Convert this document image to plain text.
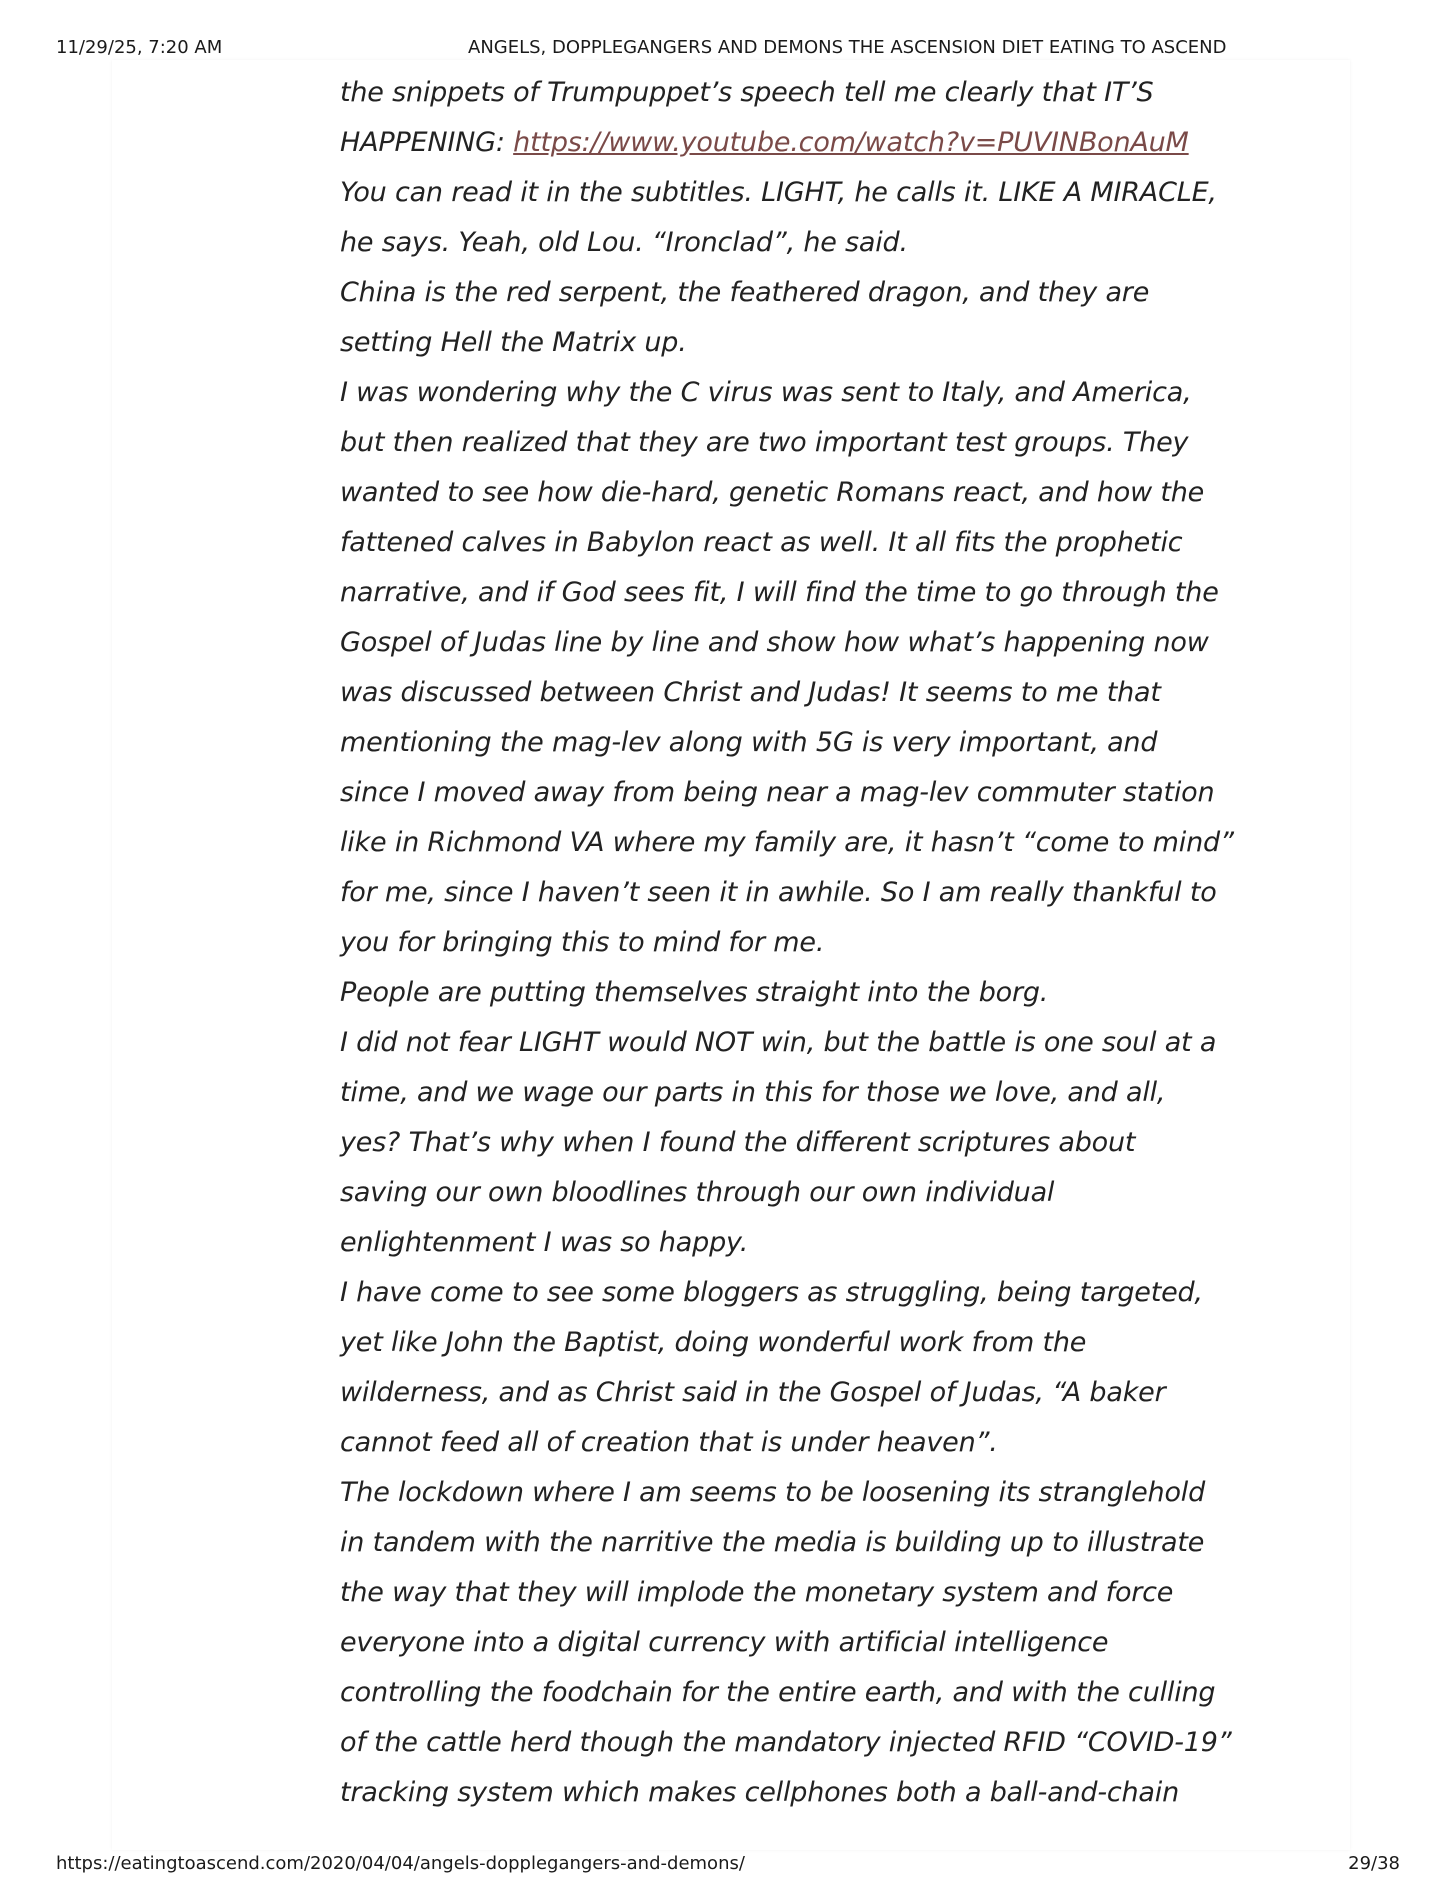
11/29/25, 7:20 AM	ANGELS, DOPPLEGANGERS AND DEMONS THE ASCENSION DIET EATING TO ASCEND
the snippets of Trumpuppet’s speech tell me clearly that IT’S
HAPPENING: https://www.youtube.com/watch?v=PUVINBonAuM
You can read it in the subtitles. LIGHT, he calls it. LIKE A MIRACLE,
he says. Yeah, old Lou. “Ironclad”, he said.
China is the red serpent, the feathered dragon, and they are
setting Hell the Matrix up.
I was wondering why the C virus was sent to Italy, and America,
but then realized that they are two important test groups. They
wanted to see how die-hard, genetic Romans react, and how the
fattened calves in Babylon react as well. It all fits the prophetic
narrative, and if God sees fit, I will find the time to go through the
Gospel of Judas line by line and show how what’s happening now
was discussed between Christ and Judas! It seems to me that
mentioning the mag-lev along with 5G is very important, and
since I moved away from being near a mag-lev commuter station
like in Richmond VA where my family are, it hasn’t “come to mind”
for me, since I haven’t seen it in awhile. So I am really thankful to
you for bringing this to mind for me.
People are putting themselves straight into the borg.
I did not fear LIGHT would NOT win, but the battle is one soul at a
time, and we wage our parts in this for those we love, and all,
yes? That’s why when I found the different scriptures about
saving our own bloodlines through our own individual
enlightenment I was so happy.
I have come to see some bloggers as struggling, being targeted,
yet like John the Baptist, doing wonderful work from the
wilderness, and as Christ said in the Gospel of Judas, “A baker
cannot feed all of creation that is under heaven”.
The lockdown where I am seems to be loosening its stranglehold
in tandem with the narritive the media is building up to illustrate
the way that they will implode the monetary system and force
everyone into a digital currency with artificial intelligence
controlling the foodchain for the entire earth, and with the culling
of the cattle herd though the mandatory injected RFID “COVID-19”
tracking system which makes cellphones both a ball-and-chain
https://eatingtoascend.com/2020/04/04/angels-dopplegangers-and-demons/	29/38
